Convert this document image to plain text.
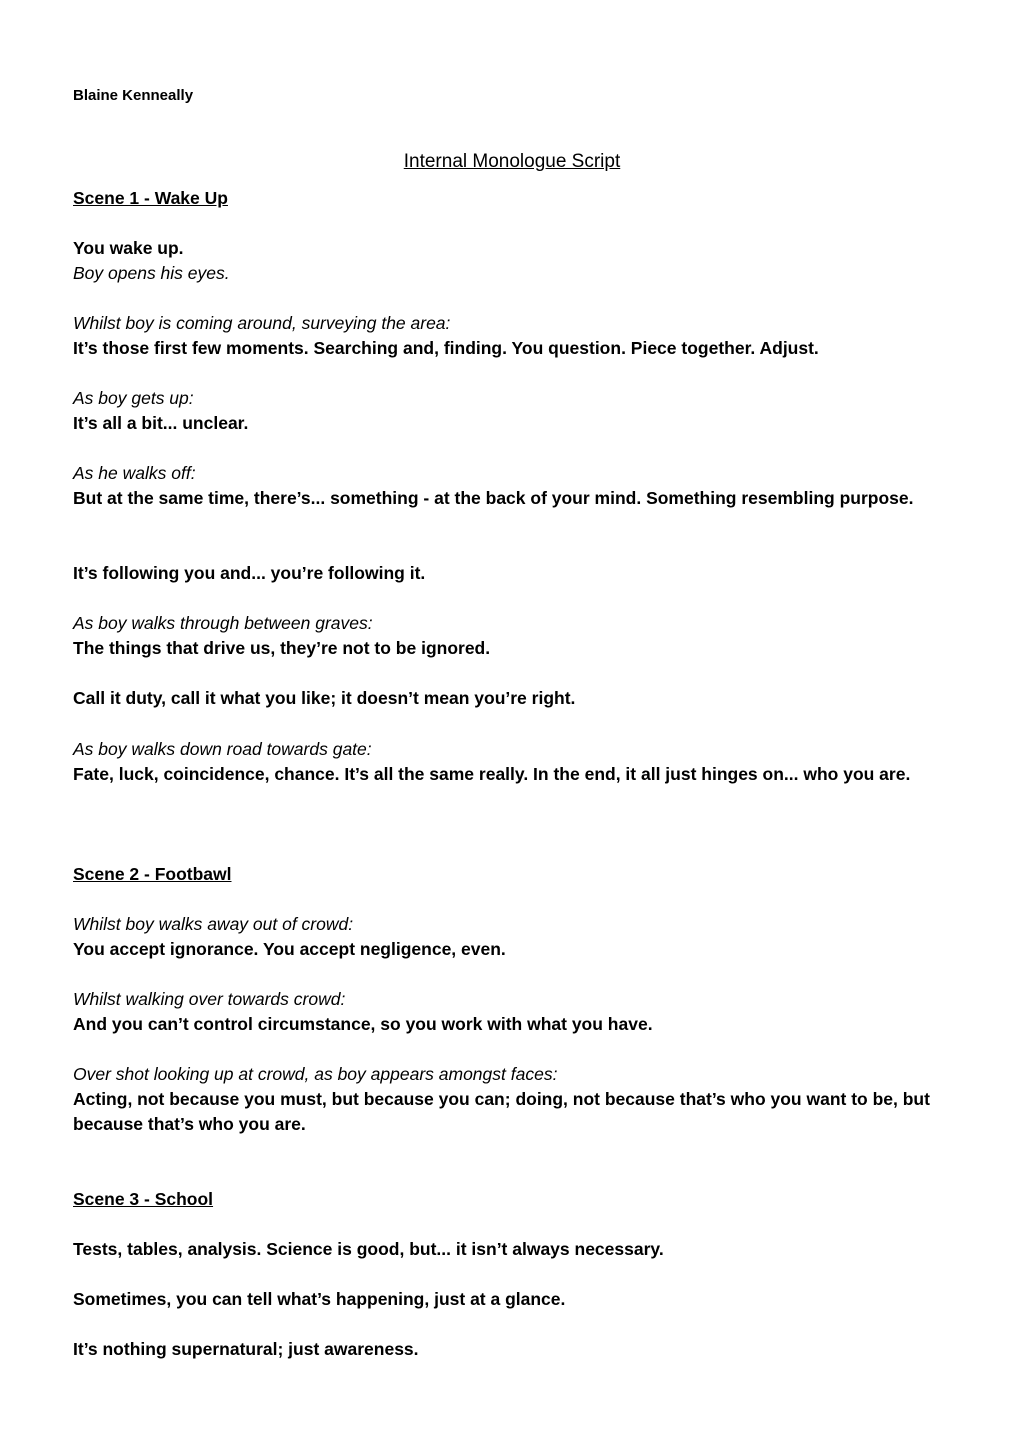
Blaine Kenneally
Internal Monologue Script
Scene 1 - Wake Up
You wake up.
Boy opens his eyes.
Whilst boy is coming around, surveying the area:
It’s those first few moments. Searching and, finding. You question. Piece together. Adjust.
As boy gets up:
It’s all a bit... unclear.
As he walks off:
But at the same time, there’s... something - at the back of your mind. Something resembling purpose.
It’s following you and... you’re following it.
As boy walks through between graves:
The things that drive us, they’re not to be ignored.
Call it duty, call it what you like; it doesn’t mean you’re right.
As boy walks down road towards gate:
Fate, luck, coincidence, chance. It’s all the same really. In the end, it all just hinges on... who you are.
Scene 2 - Footbawl
Whilst boy walks away out of crowd:
You accept ignorance. You accept negligence, even.
Whilst walking over towards crowd:
And you can’t control circumstance, so you work with what you have.
Over shot looking up at crowd, as boy appears amongst faces:
Acting, not because you must, but because you can; doing, not because that’s who you want to be, but because that’s who you are.
Scene 3 - School
Tests, tables, analysis. Science is good, but... it isn’t always necessary.
Sometimes, you can tell what’s happening, just at a glance.
It’s nothing supernatural; just awareness.
